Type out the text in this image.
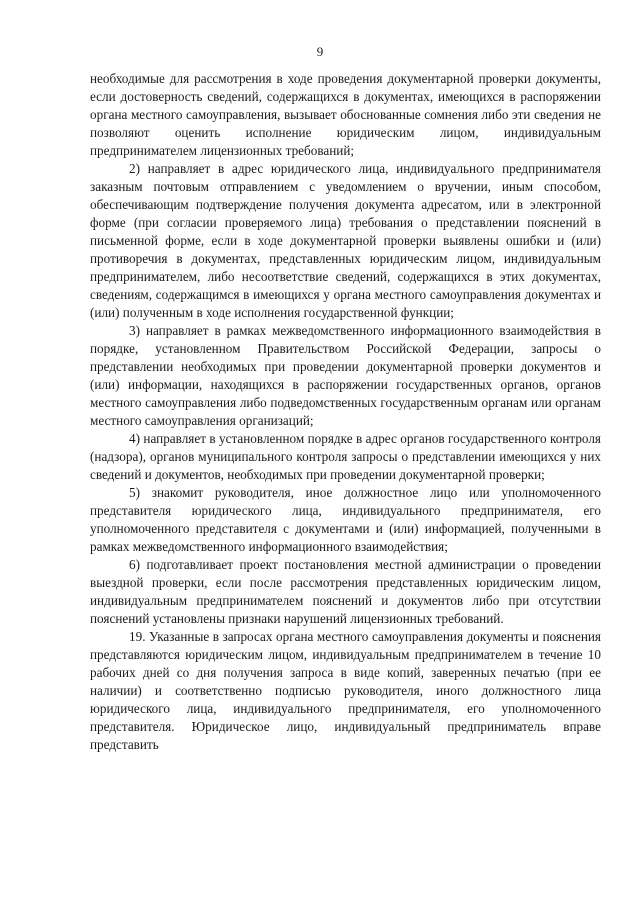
9

необходимые для рассмотрения в ходе проведения документарной проверки документы, если достоверность сведений, содержащихся в документах, имеющихся в распоряжении органа местного самоуправления, вызывает обоснованные сомнения либо эти сведения не позволяют оценить исполнение юридическим лицом, индивидуальным предпринимателем лицензионных требований;

2) направляет в адрес юридического лица, индивидуального предпринимателя заказным почтовым отправлением с уведомлением о вручении, иным способом, обеспечивающим подтверждение получения документа адресатом, или в электронной форме (при согласии проверяемого лица) требования о представлении пояснений в письменной форме, если в ходе документарной проверки выявлены ошибки и (или) противоречия в документах, представленных юридическим лицом, индивидуальным предпринимателем, либо несоответствие сведений, содержащихся в этих документах, сведениям, содержащимся в имеющихся у органа местного самоуправления документах и (или) полученным в ходе исполнения государственной функции;

3) направляет в рамках межведомственного информационного взаимодействия в порядке, установленном Правительством Российской Федерации, запросы о представлении необходимых при проведении документарной проверки документов и (или) информации, находящихся в распоряжении государственных органов, органов местного самоуправления либо подведомственных государственным органам или органам местного самоуправления организаций;

4) направляет в установленном порядке в адрес органов государственного контроля (надзора), органов муниципального контроля запросы о представлении имеющихся у них сведений и документов, необходимых при проведении документарной проверки;

5) знакомит руководителя, иное должностное лицо или уполномоченного представителя юридического лица, индивидуального предпринимателя, его уполномоченного представителя с документами и (или) информацией, полученными в рамках межведомственного информационного взаимодействия;

6) подготавливает проект постановления местной администрации о проведении выездной проверки, если после рассмотрения представленных юридическим лицом, индивидуальным предпринимателем пояснений и документов либо при отсутствии пояснений установлены признаки нарушений лицензионных требований.

19. Указанные в запросах органа местного самоуправления документы и пояснения представляются юридическим лицом, индивидуальным предпринимателем в течение 10 рабочих дней со дня получения запроса в виде копий, заверенных печатью (при ее наличии) и соответственно подписью руководителя, иного должностного лица юридического лица, индивидуального предпринимателя, его уполномоченного представителя. Юридическое лицо, индивидуальный предприниматель вправе представить
